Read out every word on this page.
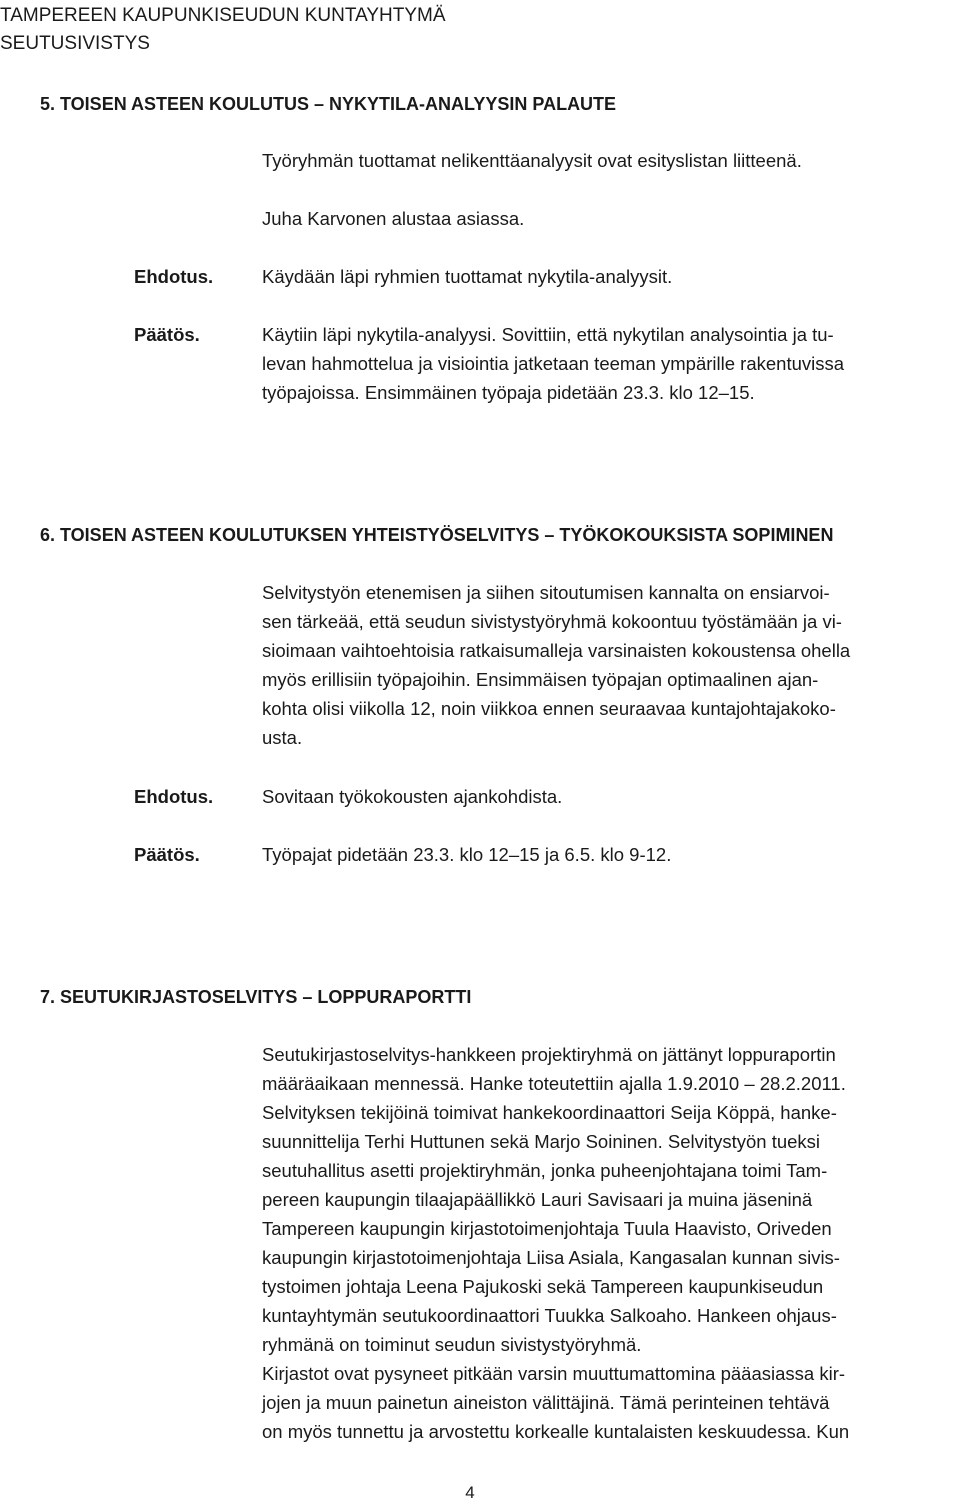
TAMPEREEN KAUPUNKISEUDUN KUNTAYHTYMÄ
SEUTUSIVISTYS
5. TOISEN ASTEEN KOULUTUS – NYKYTILA-ANALYYSIN PALAUTE

Työryhmän tuottamat nelikenttäanalyysit ovat esityslistan liitteenä.

Juha Karvonen alustaa asiassa.

Ehdotus.	Käydään läpi ryhmien tuottamat nykytila-analyysit.

Päätös.	Käytiin läpi nykytila-analyysi. Sovittiin, että nykytilan analysointia ja tu-

levan hahmottelua ja visiointia jatketaan teeman ympärille rakentuvissa

työpajoissa. Ensimmäinen työpaja pidetään 23.3. klo 12–15.

6. TOISEN ASTEEN KOULUTUKSEN YHTEISTYÖSELVITYS – TYÖKOKOUKSISTA SOPIMINEN

Selvitystyön etenemisen ja siihen sitoutumisen kannalta on ensiarvoi-

sen tärkeää, että seudun sivistystyöryhmä kokoontuu työstämään ja vi-

sioimaan vaihtoehtoisia ratkaisumalleja varsinaisten kokoustensa ohella

myös erillisiin työpajoihin. Ensimmäisen työpajan optimaalinen ajan-

kohta olisi viikolla 12, noin viikkoa ennen seuraavaa kuntajohtajakoko-

usta.

Ehdotus.	Sovitaan työkokousten ajankohdista.

Päätös.	Työpajat pidetään 23.3. klo 12–15 ja 6.5. klo 9-12.

7. SEUTUKIRJASTOSELVITYS – LOPPURAPORTTI

Seutukirjastoselvitys-hankkeen projektiryhmä on jättänyt loppuraportin

määräaikaan mennessä. Hanke toteutettiin ajalla 1.9.2010 – 28.2.2011.

Selvityksen tekijöinä toimivat hankekoordinaattori Seija Köppä, hanke-

suunnittelija Terhi Huttunen sekä Marjo Soininen. Selvitystyön tueksi

seutuhallitus asetti projektiryhmän, jonka puheenjohtajana toimi Tam-

pereen kaupungin tilaajapäällikkö Lauri Savisaari ja muina jäseninä

Tampereen kaupungin kirjastotoimenjohtaja Tuula Haavisto, Oriveden

kaupungin kirjastotoimenjohtaja Liisa Asiala, Kangasalan kunnan sivis-

tystoimen johtaja Leena Pajukoski sekä Tampereen kaupunkiseudun

kuntayhtymän seutukoordinaattori Tuukka Salkoaho. Hankeen ohjaus-

ryhmänä on toiminut seudun sivistystyöryhmä.

Kirjastot ovat pysyneet pitkään varsin muuttumattomina pääasiassa kir-

jojen ja muun painetun aineiston välittäjinä. Tämä perinteinen tehtävä

on myös tunnettu ja arvostettu korkealle kuntalaisten keskuudessa. Kun

4
